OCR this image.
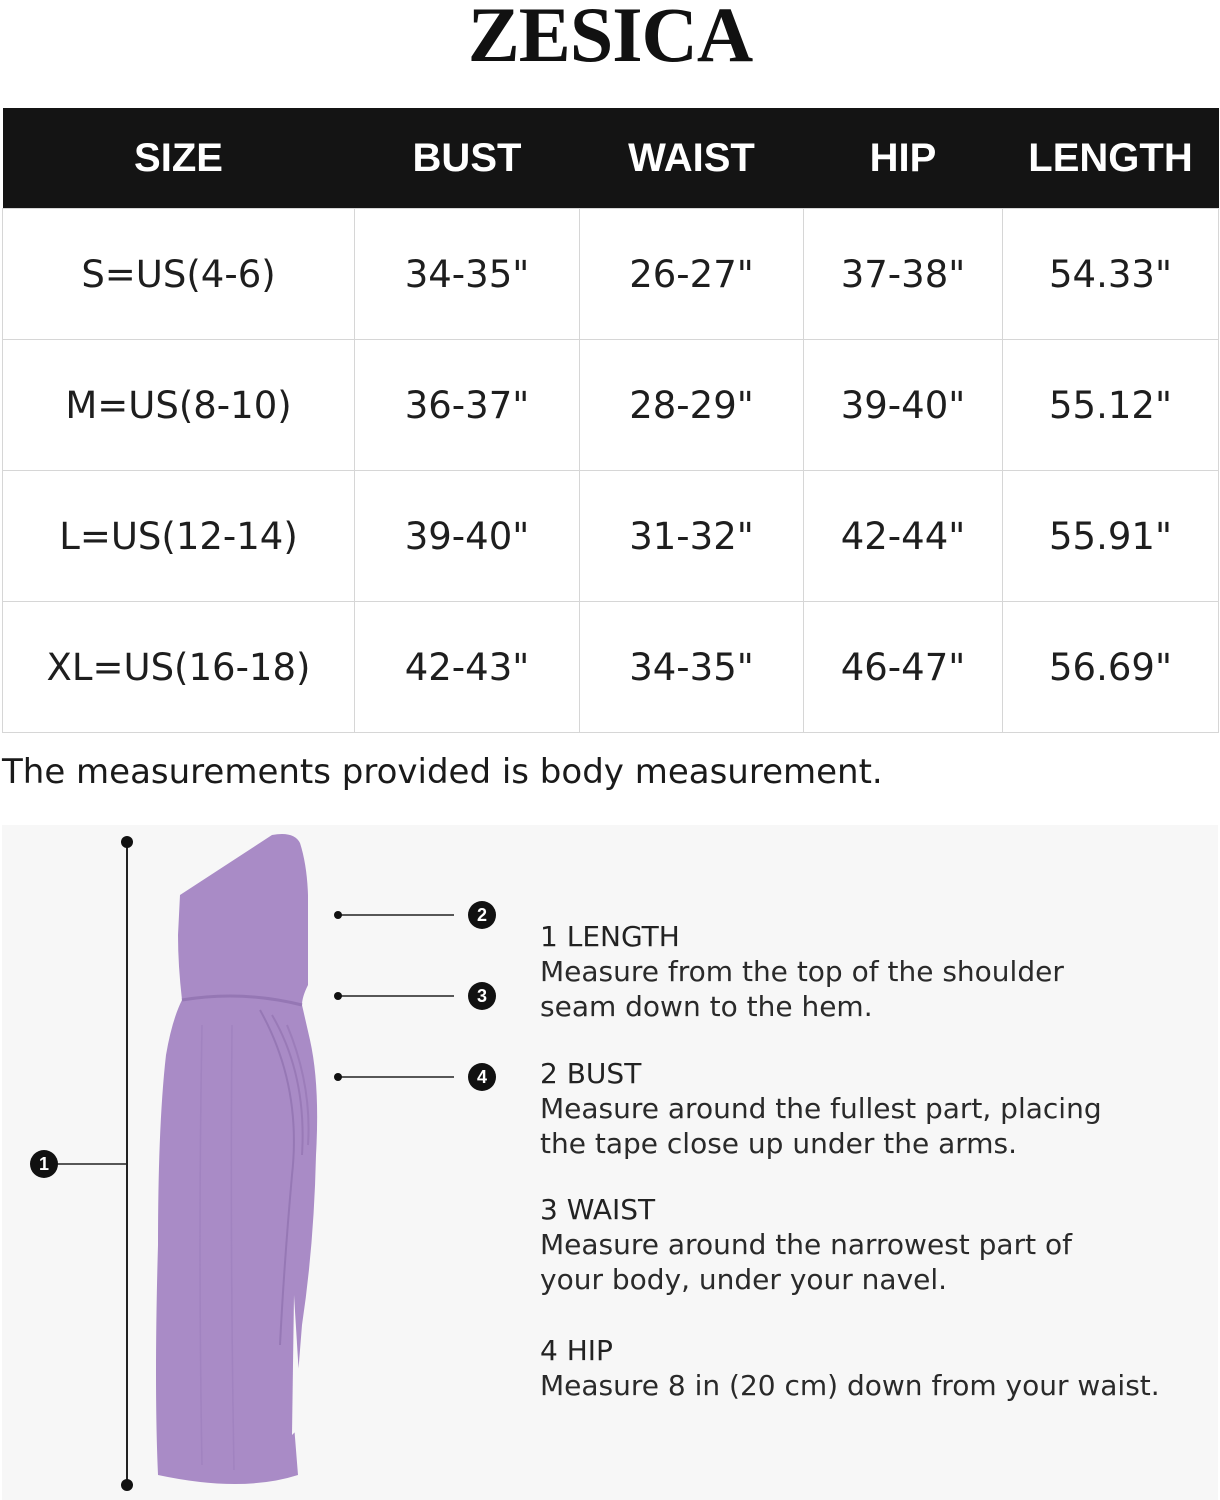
ZESICA
SIZE	BUST	WAIST	HIP	LENGTH
S=US(4-6)	34-35"	26-27"	37-38"	54.33"
M=US(8-10)	36-37"	28-29"	39-40"	55.12"
L=US(12-14)	39-40"	31-32"	42-44"	55.91"
XL=US(16-18)	42-43"	34-35"	46-47"	56.69"
The measurements provided is body measurement.
1
2
3
4
1 LENGTH
Measure from the top of the shoulder
seam down to the hem.
2 BUST
Measure around the fullest part, placing
the tape close up under the arms.
3 WAIST
Measure around the narrowest part of
your body, under your navel.
4 HIP
Measure 8 in (20 cm) down from your waist.
